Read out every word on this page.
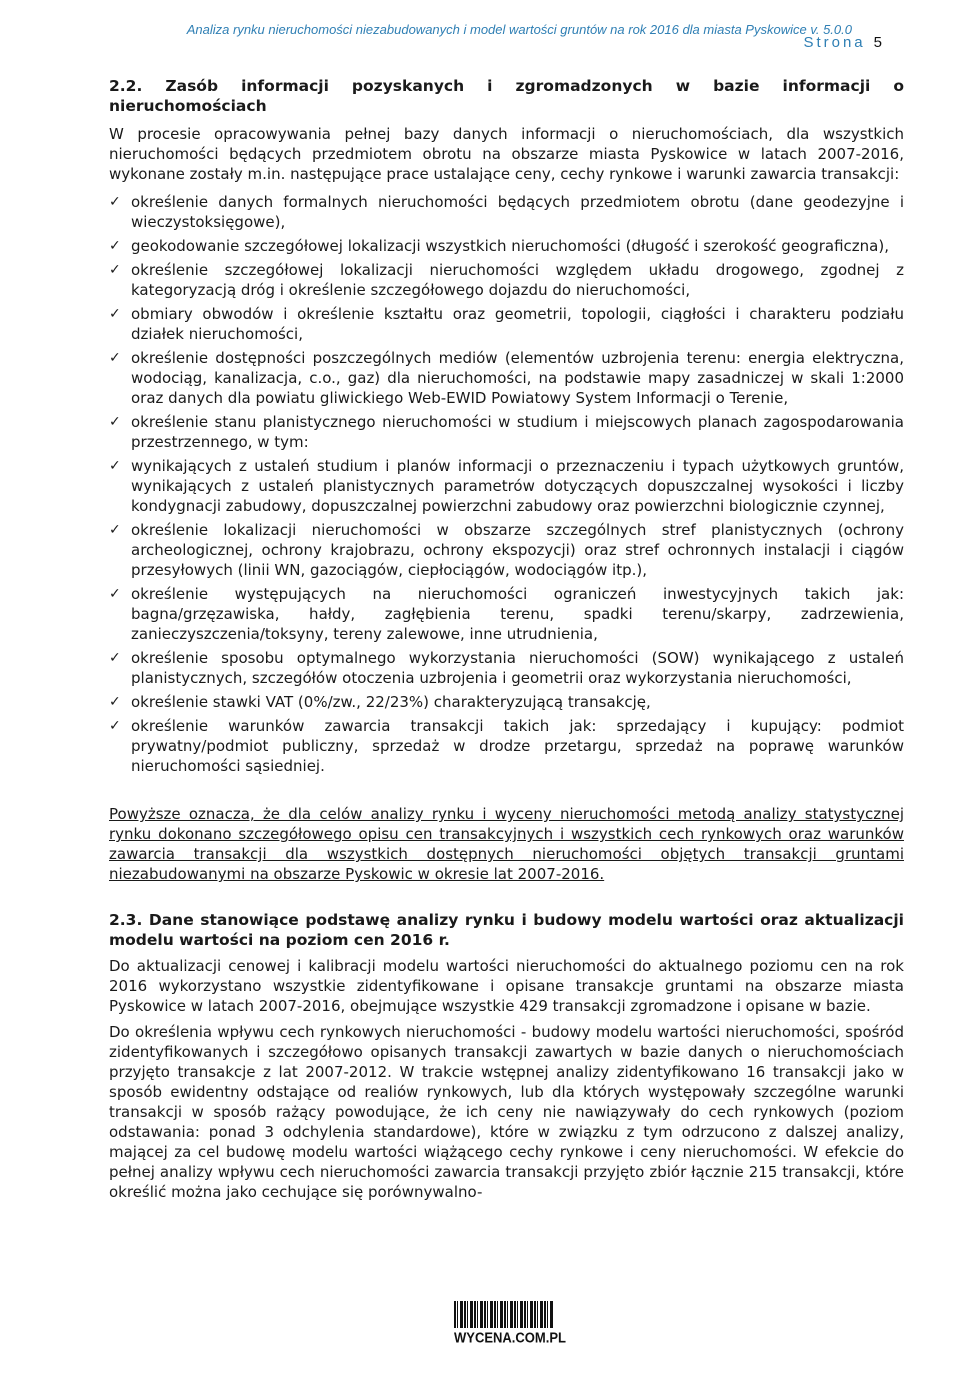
Analiza rynku nieruchomości niezabudowanych i model wartości gruntów na rok 2016 dla miasta Pyskowice v. 5.0.0
Strona 5
2.2. Zasób informacji pozyskanych i zgromadzonych w bazie informacji o nieruchomościach

W procesie opracowywania pełnej bazy danych informacji o nieruchomościach, dla wszystkich nieruchomości będących przedmiotem obrotu na obszarze miasta Pyskowice w latach 2007-2016, wykonane zostały m.in. następujące prace ustalające ceny, cechy rynkowe i warunki zawarcia transakcji:

✓ określenie danych formalnych nieruchomości będących przedmiotem obrotu (dane geodezyjne i wieczystoksięgowe),
✓ geokodowanie szczegółowej lokalizacji wszystkich nieruchomości (długość i szerokość geograficzna),
✓ określenie szczegółowej lokalizacji nieruchomości względem układu drogowego, zgodnej z kategoryzacją dróg i określenie szczegółowego dojazdu do nieruchomości,
✓ obmiary obwodów i określenie kształtu oraz geometrii, topologii, ciągłości i charakteru podziału działek nieruchomości,
✓ określenie dostępności poszczególnych mediów (elementów uzbrojenia terenu: energia elektryczna, wodociąg, kanalizacja, c.o., gaz) dla nieruchomości, na podstawie mapy zasadniczej w skali 1:2000 oraz danych dla powiatu gliwickiego Web-EWID Powiatowy System Informacji o Terenie,
✓ określenie stanu planistycznego nieruchomości w studium i miejscowych planach zagospodarowania przestrzennego, w tym:
✓ wynikających z ustaleń studium i planów informacji o przeznaczeniu i typach użytkowych gruntów, wynikających z ustaleń planistycznych parametrów dotyczących dopuszczalnej wysokości i liczby kondygnacji zabudowy, dopuszczalnej powierzchni zabudowy oraz powierzchni biologicznie czynnej,
✓ określenie lokalizacji nieruchomości w obszarze szczególnych stref planistycznych (ochrony archeologicznej, ochrony krajobrazu, ochrony ekspozycji) oraz stref ochronnych instalacji i ciągów przesyłowych (linii WN, gazociągów, ciepłociągów, wodociągów itp.),
✓ określenie występujących na nieruchomości ograniczeń inwestycyjnych takich jak: bagna/grzęzawiska, hałdy, zagłębienia terenu, spadki terenu/skarpy, zadrzewienia, zanieczyszczenia/toksyny, tereny zalewowe, inne utrudnienia,
✓ określenie sposobu optymalnego wykorzystania nieruchomości (SOW) wynikającego z ustaleń planistycznych, szczegółów otoczenia uzbrojenia i geometrii oraz wykorzystania nieruchomości,
✓ określenie stawki VAT (0%/zw., 22/23%) charakteryzującą transakcję,
✓ określenie warunków zawarcia transakcji takich jak: sprzedający i kupujący: podmiot prywatny/podmiot publiczny, sprzedaż w drodze przetargu, sprzedaż na poprawę warunków nieruchomości sąsiedniej.

Powyższe oznacza, że dla celów analizy rynku i wyceny nieruchomości metodą analizy statystycznej rynku dokonano szczegółowego opisu cen transakcyjnych i wszystkich cech rynkowych oraz warunków zawarcia transakcji dla wszystkich dostępnych nieruchomości objętych transakcji gruntami niezabudowanymi na obszarze Pyskowic w okresie lat 2007-2016.

2.3. Dane stanowiące podstawę analizy rynku i budowy modelu wartości oraz aktualizacji modelu wartości na poziom cen 2016 r.

Do aktualizacji cenowej i kalibracji modelu wartości nieruchomości do aktualnego poziomu cen na rok 2016 wykorzystano wszystkie zidentyfikowane i opisane transakcje gruntami na obszarze miasta Pyskowice w latach 2007-2016, obejmujące wszystkie 429 transakcji zgromadzone i opisane w bazie.

Do określenia wpływu cech rynkowych nieruchomości - budowy modelu wartości nieruchomości, spośród zidentyfikowanych i szczegółowo opisanych transakcji zawartych w bazie danych o nieruchomościach przyjęto transakcje z lat 2007-2012. W trakcie wstępnej analizy zidentyfikowano 16 transakcji jako w sposób ewidentny odstające od realiów rynkowych, lub dla których występowały szczególne warunki transakcji w sposób rażący powodujące, że ich ceny nie nawiązywały do cech rynkowych (poziom odstawania: ponad 3 odchylenia standardowe), które w związku z tym odrzucono z dalszej analizy, mającej za cel budowę modelu wartości wiążącego cechy rynkowe i ceny nieruchomości. W efekcie do pełnej analizy wpływu cech nieruchomości zawarcia transakcji przyjęto zbiór łącznie 215 transakcji, które określić można jako cechujące się porównywalno-

WYCENA.COM.PL
